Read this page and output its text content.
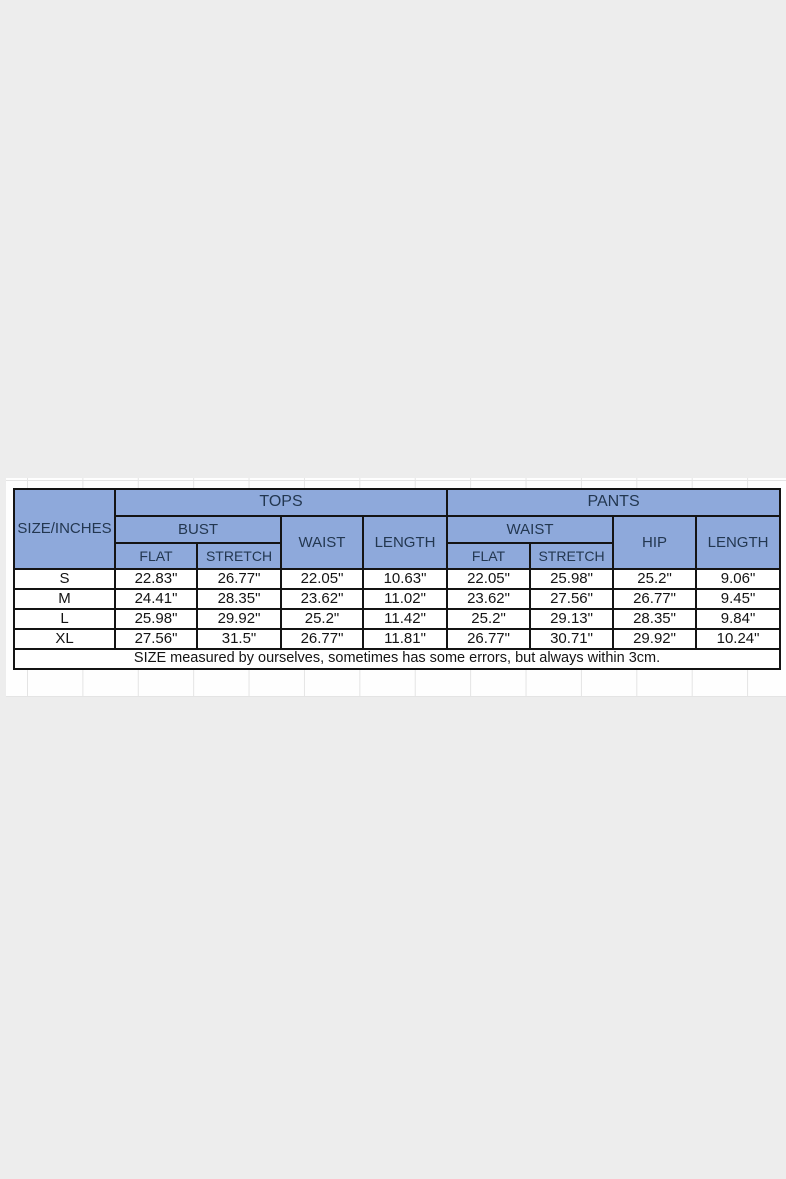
SIZE/INCHES	TOPS				PANTS			
	BUST		WAIST	LENGTH	WAIST		HIP	LENGTH
	FLAT	STRETCH			FLAT	STRETCH		
S	22.83"	26.77"	22.05"	10.63"	22.05"	25.98"	25.2"	9.06"
M	24.41"	28.35"	23.62"	11.02"	23.62"	27.56"	26.77"	9.45"
L	25.98"	29.92"	25.2"	11.42"	25.2"	29.13"	28.35"	9.84"
XL	27.56"	31.5"	26.77"	11.81"	26.77"	30.71"	29.92"	10.24"
SIZE measured by ourselves, sometimes has some errors, but always within 3cm.								
